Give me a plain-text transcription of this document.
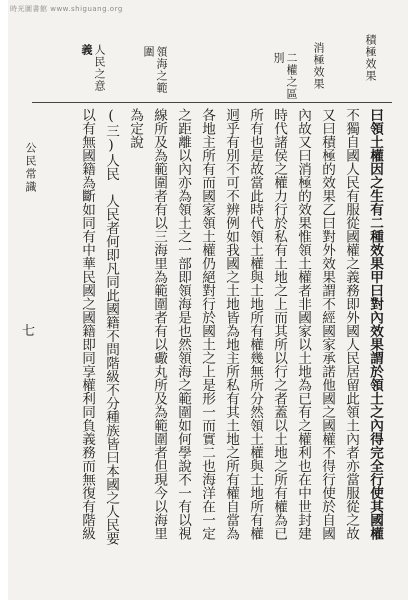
時光圖書館 www.shiguang.org
積極效果
消極效果
二權之區
別
領海之範
圍
人民之意
義
公民常識
七	曰領土權因之生有二種效果甲曰對內效果謂於領土之內得完全行使其國權
不獨自國人民有服從國權之義務即外國人民居留此領土內者亦當服從之故
又曰積極的效果乙曰對外效果謂不經國家承諾他國之國權不得行使於自國
內故又曰消極的效果惟領土權者非國家以土地為已有之權利也在中世封建
時代諸侯之權力行於私有土地之上而其所以行之者蓋以土地之所有權為已
所有也是故當此時代領土權與土地所有權幾無所分然領土權與土地所有權
迥乎有別不可不辨例如我國之土地皆為地主所私有其土地之所有權自當為
各地主所有而國家領土權仍絕對行於國土之上是形一而實二也海洋在一定
之距離以內亦為領土之一部即領海是也然領海之範圍如何學說不一有以視
線所及為範圍者有以三海里為範圍者有以礮丸所及為範圍者但現今以海里
為定說
(三)人民　人民者何即凡同此國籍不問階級不分種族皆曰本國之人民要
以有無國籍為斷如同有中華民國之國籍即同享權利同負義務而無復有階級
